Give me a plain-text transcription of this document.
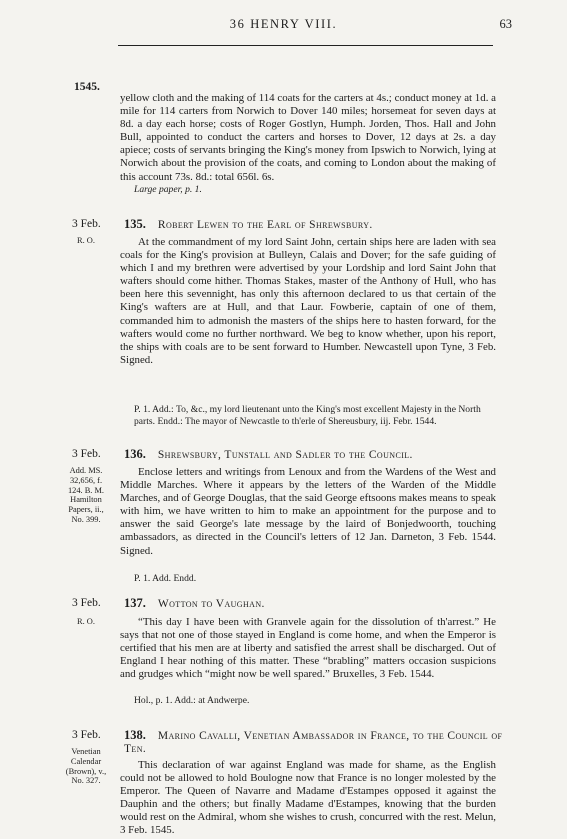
36 HENRY VIII.	63
1545.
yellow cloth and the making of 114 coats for the carters at 4s.; conduct money at 1d. a mile for 114 carters from Norwich to Dover 140 miles; horsemeat for seven days at 8d. a day each horse; costs of Roger Gostlyn, Humph. Jorden, Thos. Hall and John Bull, appointed to conduct the carters and horses to Dover, 12 days at 2s. a day apiece; costs of servants bringing the King's money from Ipswich to Norwich, lying at Norwich about the provision of the coats, and coming to London about the making of this account 73s. 8d.: total 656l. 6s.
Large paper, p. 1.
3 Feb.
R. O.
135. Robert Lewen to the Earl of Shrewsbury.
At the commandment of my lord Saint John, certain ships here are laden with sea coals for the King's provision at Bulleyn, Calais and Dover; for the safe guiding of which I and my brethren were advertised by your Lordship and lord Saint John that wafters should come hither. Thomas Stakes, master of the Anthony of Hull, who has been here this sevennight, has only this afternoon declared to us that certain of the King's wafters are at Hull, and that Laur. Fowberie, captain of one of them, commanded him to admonish the masters of the ships here to hasten forward, for the wafters would come no further northward. We beg to know whether, upon his report, the ships with coals are to be sent forward to Humber. Newcastell upon Tyne, 3 Feb. Signed.
P. 1. Add.: To, &c., my lord lieutenant unto the King's most excellent Majesty in the North parts. Endd.: The mayor of Newcastle to th'erle of Shereusbury, iij. Febr. 1544.
3 Feb.
Add. MS. 32,656, f. 124. B. M. Hamilton Papers, ii., No. 399.
136. Shrewsbury, Tunstall and Sadler to the Council.
Enclose letters and writings from Lenoux and from the Wardens of the West and Middle Marches. Where it appears by the letters of the Warden of the Middle Marches, and of George Douglas, that the said George eftsoons makes means to speak with him, we have written to him to make an appointment for the purpose and to answer the said George's late message by the laird of Bonjedwoorth, touching ambassadors, as directed in the Council's letters of 12 Jan. Darneton, 3 Feb. 1544. Signed.
P. 1. Add. Endd.
3 Feb.
R. O.
137. Wotton to Vaughan.
“This day I have been with Granvele again for the dissolution of th'arrest.” He says that not one of those stayed in England is come home, and when the Emperor is certified that his men are at liberty and satisfied the arrest shall be discharged. Out of England I hear nothing of this matter. These “brabling” matters occasion suspicions and grudges which “might now be well spared.” Bruxelles, 3 Feb. 1544.
Hol., p. 1. Add.: at Andwerpe.
3 Feb.
Venetian Calendar (Brown), v., No. 327.
138. Marino Cavalli, Venetian Ambassador in France, to the Council of Ten.
This declaration of war against England was made for shame, as the English could not be allowed to hold Boulogne now that France is no longer molested by the Emperor. The Queen of Navarre and Madame d'Estampes opposed it against the Dauphin and the others; but finally Madame d'Estampes, knowing that the burden would rest on the Admiral, whom she wishes to crush, concurred with the rest. Melun, 3 Feb. 1545.
